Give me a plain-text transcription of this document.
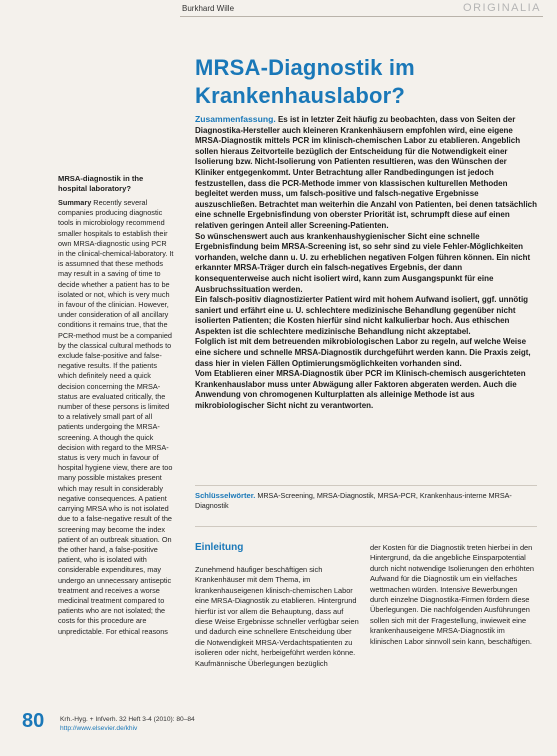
Burkhard Wille	ORIGINALIA
MRSA-Diagnostik im
Krankenhauslabor?
MRSA-diagnostik in the hospital laboratory?
Summary Recently several companies producing diagnostic tools in microbiology recommend smaller hospitals to establish their own MRSA-diagnostic using PCR in the clinical-chemical-laboratory. It is assumned that these methods may result in a saving of time to decide whether a patient has to be isolated or not, which is very much in favour of the clinician. However, under consideration of all ancillary conditions it remains true, that the PCR-method must be a companied by the classical cultural methods to exclude false-positive and false-negative results. If the patients which definitely need a quick decision concerning the MRSA-status are evaluated critically, the number of these persons is limited to a relatively small part of all patients undergoing the MRSA-screening. A though the quick decision with regard to the MRSA-status is very much in favour of hospital hygiene view, there are too many possible mistakes present which may result in considerably negative consequences. A patient carrying MRSA who is not isolated due to a false-negative result of the screening may become the index patient of an outbreak situation. On the other hand, a false-positive patient, who is isolated with considerable expenditures, may undergo an unnecessary antiseptic treatment and receives a worse medicinal treatment compared to patients who are not isolated; the costs for this procedure are unpredictable. For ethical reasons

Zusammenfassung. Es ist in letzter Zeit häufig zu beobachten, dass von Seiten der Diagnostika-Hersteller auch kleineren Krankenhäusern empfohlen wird, eine eigene MRSA-Diagnostik mittels PCR im klinisch-chemischen Labor zu etablieren. Angeblich sollen hieraus Zeitvorteile bezüglich der Entscheidung für die Notwendigkeit einer Isolierung bzw. Nicht-Isolierung von Patienten resultieren, was den Wünschen der Kliniker entgegenkommt. Unter Betrachtung aller Randbedingungen ist jedoch festzustellen, dass die PCR-Methode immer von klassischen kulturellen Methoden begleitet werden muss, um falsch-positive und falsch-negative Ergebnisse auszuschließen. Betrachtet man weiterhin die Anzahl von Patienten, bei denen tatsächlich eine schnelle Ergebnisfindung von oberster Priorität ist, schrumpft diese auf einen relativen geringen Anteil aller Screening-Patienten.

So wünschenswert auch aus krankenhaushygienischer Sicht eine schnelle Ergebnisfindung beim MRSA-Screening ist, so sehr sind zu viele Fehler-Möglichkeiten vorhanden, welche dann u. U. zu erheblichen negativen Folgen führen können. Ein nicht erkannter MRSA-Träger durch ein falsch-negatives Ergebnis, der dann konsequenterweise auch nicht isoliert wird, kann zum Ausgangspunkt für eine Ausbruchssituation werden.

Ein falsch-positiv diagnostizierter Patient wird mit hohem Aufwand isoliert, ggf. unnötig saniert und erfährt eine u. U. schlechtere medizinische Behandlung gegenüber nicht isolierten Patienten; die Kosten hierfür sind nicht kalkulierbar hoch. Aus ethischen Aspekten ist die schlechtere medizinische Behandlung nicht akzeptabel.

Folglich ist mit dem betreuenden mikrobiologischen Labor zu regeln, auf welche Weise eine sichere und schnelle MRSA-Diagnostik durchgeführt werden kann. Die Praxis zeigt, dass hier in vielen Fällen Optimierungsmöglichkeiten vorhanden sind.

Vom Etablieren einer MRSA-Diagnostik über PCR im Klinisch-chemisch ausgerichteten Krankenhauslabor muss unter Abwägung aller Faktoren abgeraten werden. Auch die Anwendung von chromogenen Kulturplatten als alleinige Methode ist aus mikrobiologischer Sicht nicht zu verantworten.

Schlüsselwörter. MRSA-Screening, MRSA-Diagnostik, MRSA-PCR, Krankenhaus-interne MRSA-Diagnostik
Einleitung
Zunehmend häufiger beschäftigen sich Krankenhäuser mit dem Thema, im krankenhauseigenen klinisch-chemischen Labor eine MRSA-Diagnostik zu etablieren. Hintergrund hierfür ist vor allem die Behauptung, dass auf diese Weise Ergebnisse schneller verfügbar seien und dadurch eine schnellere Entscheidung über die Notwendigkeit MRSA-Verdachtspatienten zu isolieren oder nicht, herbeigeführt werden könne. Kaufmännische Überlegungen bezüglich
der Kosten für die Diagnostik treten hierbei in den Hintergrund, da die angebliche Einsparpotential durch nicht notwendige Isolierungen den erhöhten Aufwand für die Diagnostik um ein vielfaches wettmachen würden. Intensive Bewerbungen durch einzelne Diagnostika-Firmen fördern diese Überlegungen. Die nachfolgenden Ausführungen sollen sich mit der Fragestellung, inwieweit eine krankenhauseigene MRSA-Diagnostik im klinischen Labor sinnvoll sein kann, beschäftigen.
80 Krh.-Hyg. + Infverh. 32 Heft 3-4 (2010): 80–84
http://www.elsevier.de/khiv
